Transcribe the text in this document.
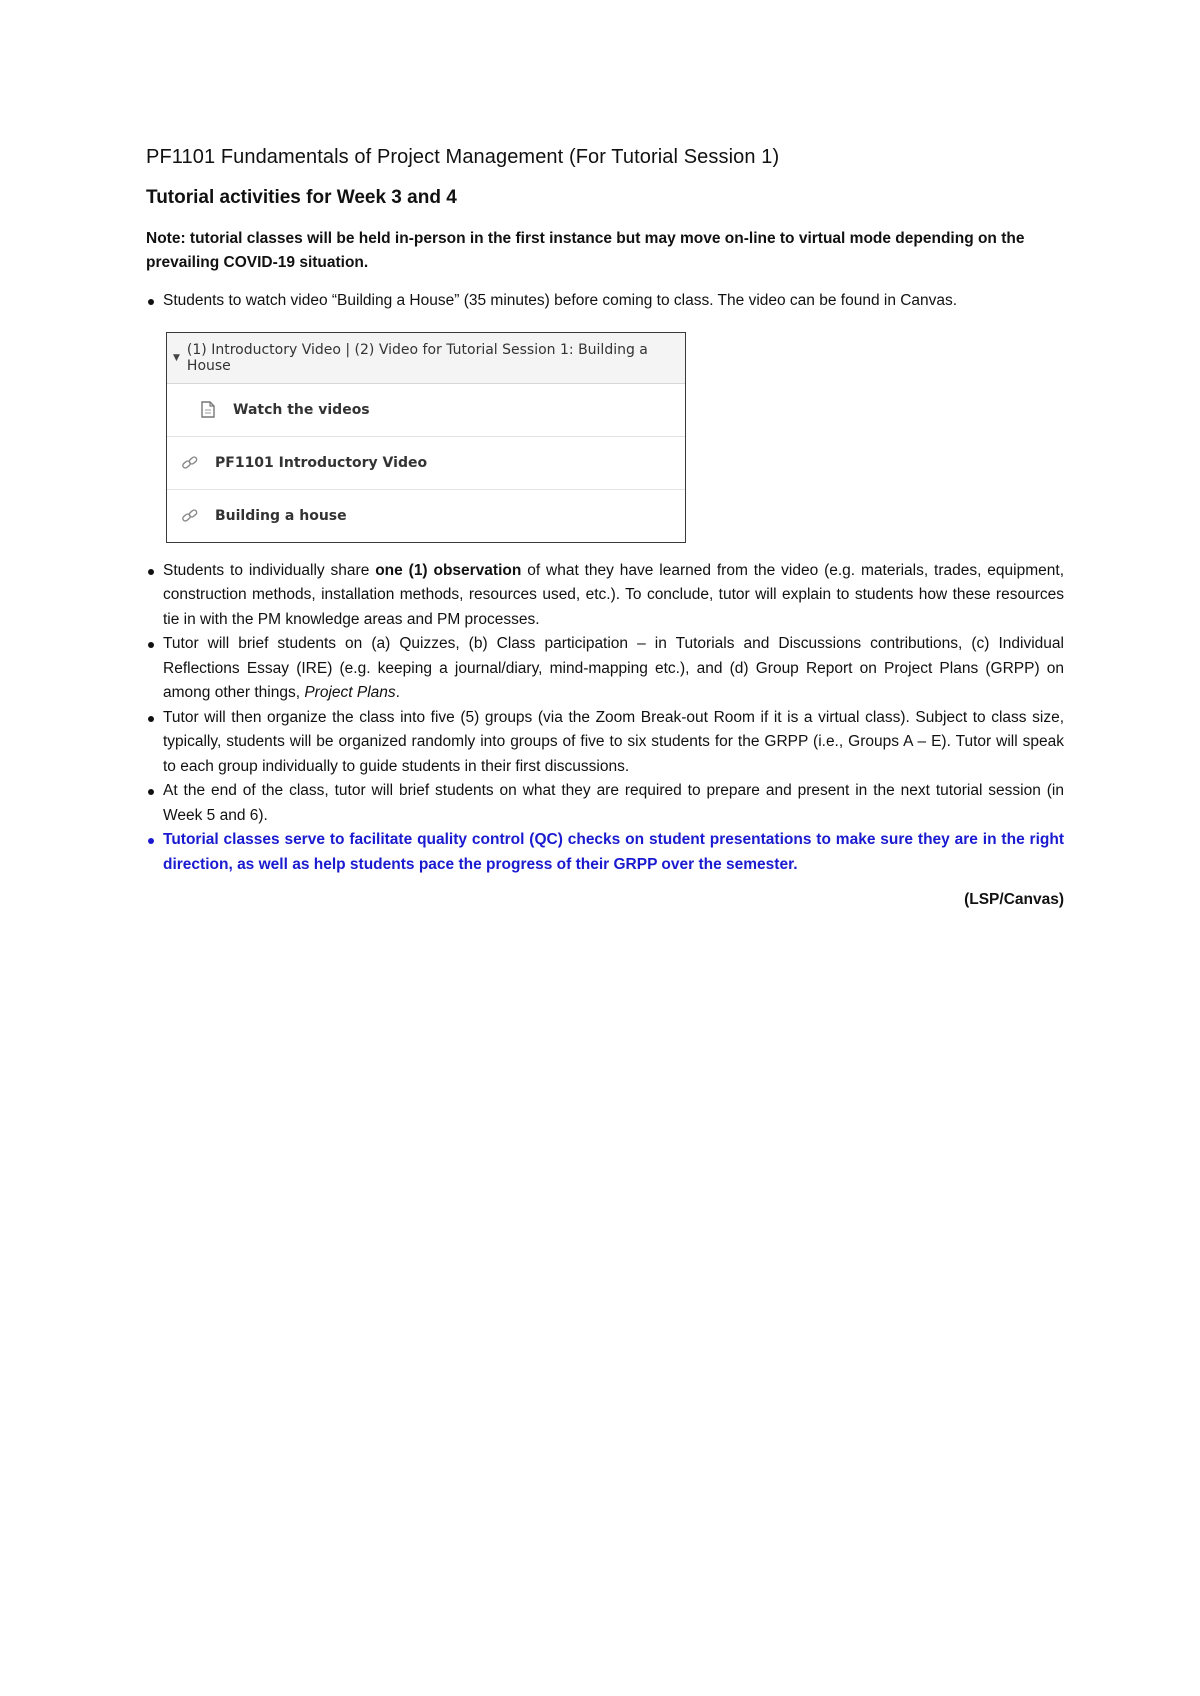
PF1101 Fundamentals of Project Management (For Tutorial Session 1)
Tutorial activities for Week 3 and 4

Note: tutorial classes will be held in-person in the first instance but may move on-line to virtual mode depending on the prevailing COVID-19 situation.

Students to watch video “Building a House” (35 minutes) before coming to class. The video can be found in Canvas.
▼ (1) Introductory Video | (2) Video for Tutorial Session 1: Building a House
Watch the videos
PF1101 Introductory Video
Building a house
Students to individually share one (1) observation of what they have learned from the video (e.g. materials, trades, equipment, construction methods, installation methods, resources used, etc.). To conclude, tutor will explain to students how these resources tie in with the PM knowledge areas and PM processes.
Tutor will brief students on (a) Quizzes, (b) Class participation – in Tutorials and Discussions contributions, (c) Individual Reflections Essay (IRE) (e.g. keeping a journal/diary, mind-mapping etc.), and (d) Group Report on Project Plans (GRPP) on among other things, Project Plans.
Tutor will then organize the class into five (5) groups (via the Zoom Break-out Room if it is a virtual class). Subject to class size, typically, students will be organized randomly into groups of five to six students for the GRPP (i.e., Groups A – E). Tutor will speak to each group individually to guide students in their first discussions.
At the end of the class, tutor will brief students on what they are required to prepare and present in the next tutorial session (in Week 5 and 6).
Tutorial classes serve to facilitate quality control (QC) checks on student presentations to make sure they are in the right direction, as well as help students pace the progress of their GRPP over the semester.
(LSP/Canvas)
